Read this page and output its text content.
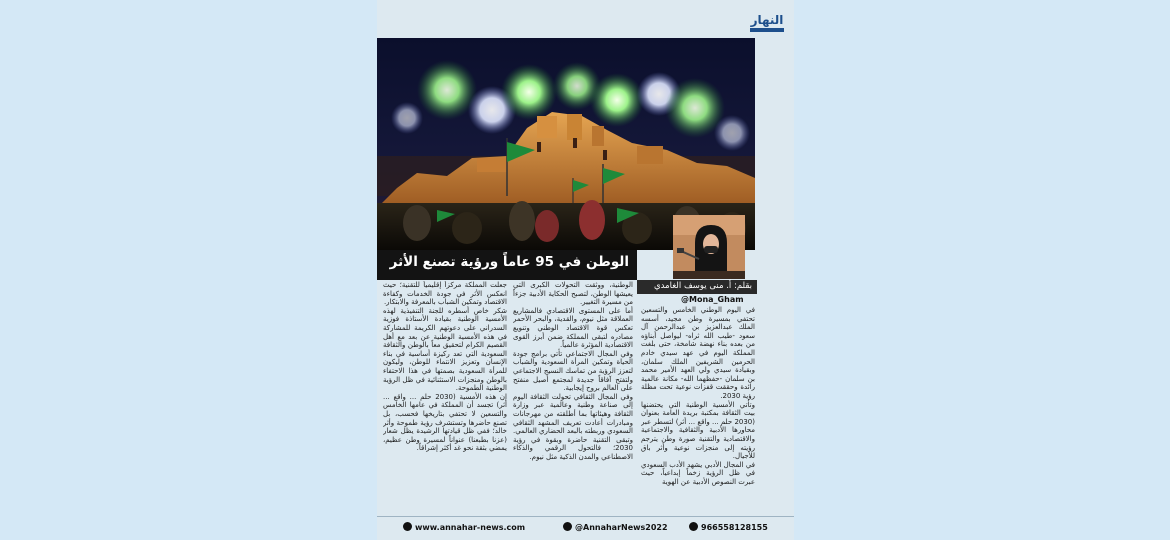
النهار
الوطن في 95 عاماً ورؤية تصنع الأثر
بقلم: أ. منى يوسف الغامدي
@Mona_Gham

في اليوم الوطني الخامس والتسعين تحتفي بمسيرة وطن مجيد، أسسه الملك عبدالعزيز بن عبدالرحمن آل سعود -طيب الله ثراه- ليواصل أبناؤه من بعده بناء نهضة شامخة، حتى بلغت المملكة اليوم في عهد سيدي خادم الحرمين الشريفين الملك سلمان، وبقيادة سيدي ولي العهد الأمير محمد بن سلمان -حفظهما الله- مكانة عالمية رائدة وحققت قفزات نوعية تحت مظلة رؤية 2030.

وتأتي الأمسية الوطنية التي يحتضنها بيت الثقافة بمكتبة بريدة العامة بعنوان (2030 حلم ... واقع ... أثر) لتسطر عبر محاورها الأدبية والثقافية والاجتماعية والاقتصادية والتقنية صورة وطن يترجم رؤيته إلى منجزات نوعية وأثر باق للأجيال.

في المجال الأدبي يشهد الأدب السعودي في ظل الرؤية زخماً إبداعياً، حيث عبرت النصوص الأدبية عن الهوية

الوطنية، ووثقت التحولات الكبرى التي يعيشها الوطن، لتصبح الحكاية الأدبية جزءاً من مسيرة التغيير.

أما على المستوى الاقتصادي فالمشاريع العملاقة مثل نيوم، والقدية، والبحر الأحمر تعكس قوة الاقتصاد الوطني وتنويع مصادره لتبقى المملكة ضمن أبرز القوى الاقتصادية المؤثرة عالمياً.

وفي المجال الاجتماعي تأتي برامج جودة الحياة وتمكين المرأة السعودية والشباب لتعزز الرؤية من تماسك النسيج الاجتماعي ولتفتح آفاقاً جديدة لمجتمع أصيل منفتح على العالم بروح إيجابية.

وفي المجال الثقافي تحولت الثقافة اليوم إلى صناعة وطنية وعالمية عبر وزارة الثقافة وهيئاتها بما أطلقته من مهرجانات ومبادرات أعادت تعريف المشهد الثقافي السعودي وربطته بالبعد الحضاري العالمي.

وتبقى التقنية حاضرة وبقوة في رؤية 2030؛ فالتحول الرقمي والذكاء الاصطناعي والمدن الذكية مثل نيوم.

جعلت المملكة مركزاً إقليمياً للتقنية؛ حيث انعكس الأثر في جودة الخدمات وكفاءة الاقتصاد وتمكين الشباب بالمعرفة والابتكار.

شكر خاص أسطره للجنة التنفيذية لهذه الأمسية الوطنية بقيادة الأستاذة فوزية السدراني على دعوتهم الكريمة للمشاركة في هذه الأمسية الوطنية عن بعد مع أهل القصيم الكرام لتحقيق معاً بالوطن والثقافة السعودية التي تعد ركيزة أساسية في بناء الإنسان وتعزيز الانتماء للوطن، وليكون للمرأة السعودية بصمتها في هذا الاحتفاء بالوطن ومنجزات الاستثنائية في ظل الرؤية الوطنية الطموحة.

إن هذه الأمسية (2030 حلم ... واقع ... أثر) تجسد أن المملكة في عامها الخامس والتسعين لا تحتفي بتاريخها فحسب، بل تصنع حاضرها وتستشرف رؤية طموحة وأثر خالد؛ ففي ظل قيادتها الرشيدة يظل شعار (عزنا بطبعنا) عنواناً لمسيرة وطن عظيم، يمضي بثقة نحو غد أكثر إشراقاً.

www.annahar-news.com	@AnnaharNews2022	966558128155
